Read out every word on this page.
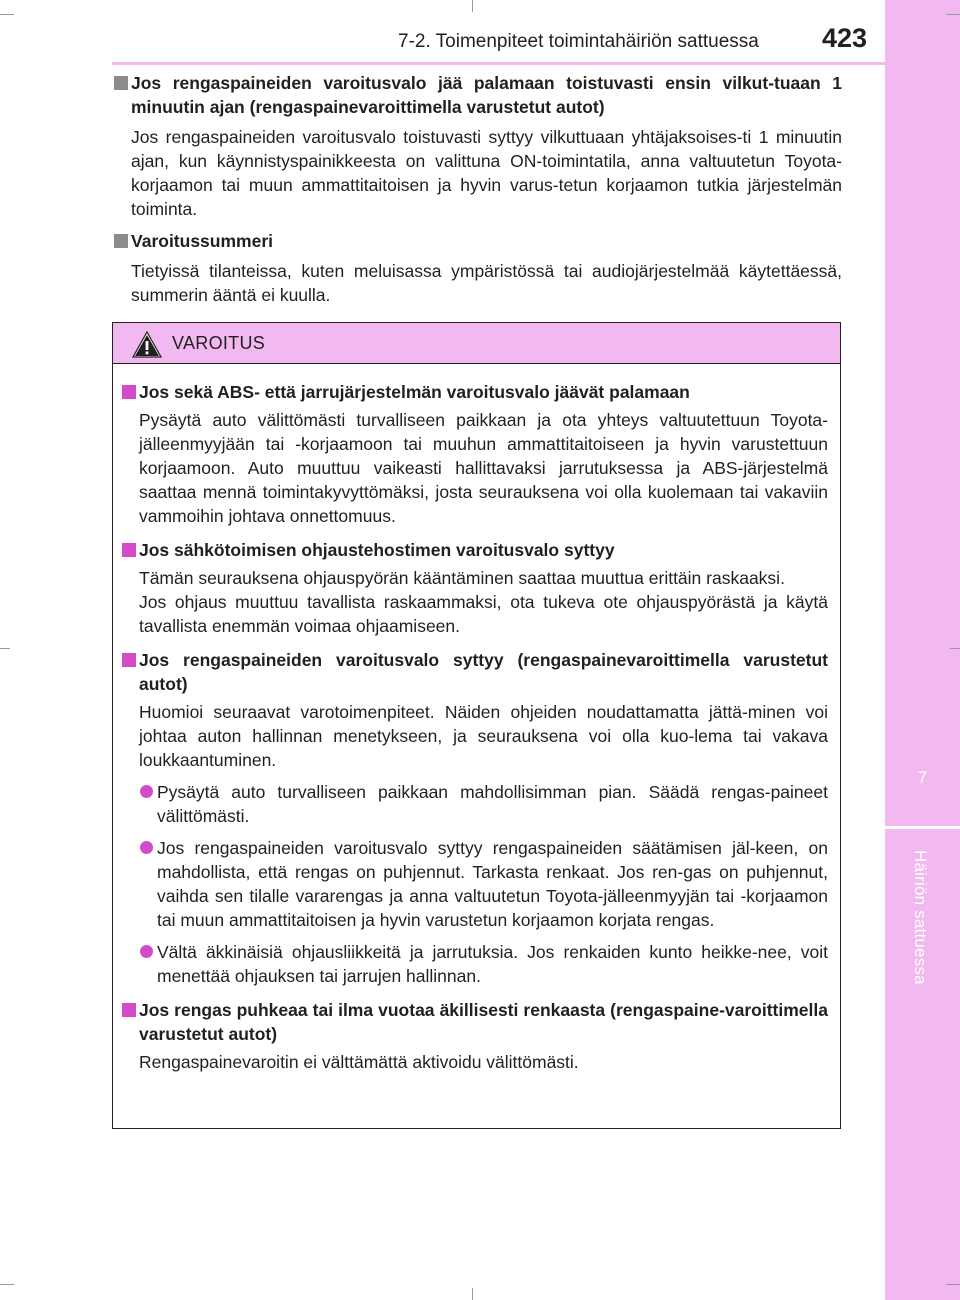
7
Häiriön sattuessa
7-2. Toimenpiteet toimintahäiriön sattuessa 423
Jos rengaspaineiden varoitusvalo jää palamaan toistuvasti ensin vilkut-tuaan 1 minuutin ajan (rengaspainevaroittimella varustetut autot)
Jos rengaspaineiden varoitusvalo toistuvasti syttyy vilkuttuaan yhtäjaksoises-ti 1 minuutin ajan, kun käynnistyspainikkeesta on valittuna ON-toimintatila, anna valtuutetun Toyota-korjaamon tai muun ammattitaitoisen ja hyvin varus-tetun korjaamon tutkia järjestelmän toiminta.
Varoitussummeri
Tietyissä tilanteissa, kuten meluisassa ympäristössä tai audiojärjestelmää käytettäessä, summerin ääntä ei kuulla.
VAROITUS
Jos sekä ABS- että jarrujärjestelmän varoitusvalo jäävät palamaan
Pysäytä auto välittömästi turvalliseen paikkaan ja ota yhteys valtuutettuun Toyota-jälleenmyyjään tai -korjaamoon tai muuhun ammattitaitoiseen ja hyvin varustettuun korjaamoon. Auto muuttuu vaikeasti hallittavaksi jarrutuksessa ja ABS-järjestelmä saattaa mennä toimintakyvyttömäksi, josta seurauksena voi olla kuolemaan tai vakaviin vammoihin johtava onnettomuus.
Jos sähkötoimisen ohjaustehostimen varoitusvalo syttyy
Tämän seurauksena ohjauspyörän kääntäminen saattaa muuttua erittäin raskaaksi.
Jos ohjaus muuttuu tavallista raskaammaksi, ota tukeva ote ohjauspyörästä ja käytä tavallista enemmän voimaa ohjaamiseen.
Jos rengaspaineiden varoitusvalo syttyy (rengaspainevaroittimella varustetut autot)
Huomioi seuraavat varotoimenpiteet. Näiden ohjeiden noudattamatta jättä-minen voi johtaa auton hallinnan menetykseen, ja seurauksena voi olla kuo-lema tai vakava loukkaantuminen.
Pysäytä auto turvalliseen paikkaan mahdollisimman pian. Säädä rengas-paineet välittömästi.
Jos rengaspaineiden varoitusvalo syttyy rengaspaineiden säätämisen jäl-keen, on mahdollista, että rengas on puhjennut. Tarkasta renkaat. Jos ren-gas on puhjennut, vaihda sen tilalle vararengas ja anna valtuutetun Toyota-jälleenmyyjän tai -korjaamon tai muun ammattitaitoisen ja hyvin varustetun korjaamon korjata rengas.
Vältä äkkinäisiä ohjausliikkeitä ja jarrutuksia. Jos renkaiden kunto heikke-nee, voit menettää ohjauksen tai jarrujen hallinnan.
Jos rengas puhkeaa tai ilma vuotaa äkillisesti renkaasta (rengaspaine-varoittimella varustetut autot)
Rengaspainevaroitin ei välttämättä aktivoidu välittömästi.
